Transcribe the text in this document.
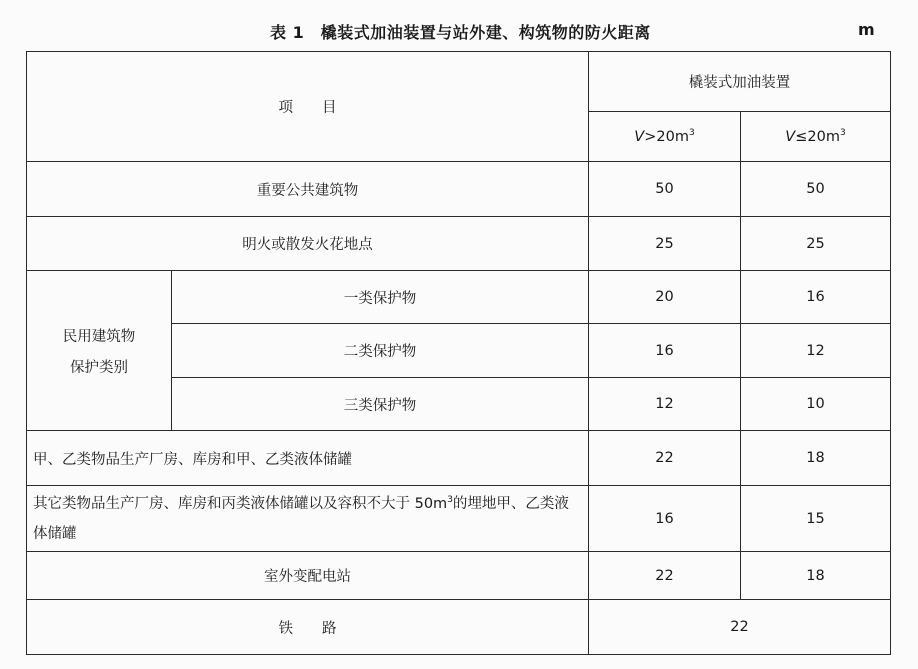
表 1　橇装式加油装置与站外建、构筑物的防火距离	m
项　　目		橇装式加油装置	
		$V>20m^3$	$V\le 20m^3$
重要公共建筑物		50	50
明火或散发火花地点		25	25

民用建筑物
保护类别	一类保护物	20	16
	二类保护物	16	12
	三类保护物	12	10
甲、乙类物品生产厂房、库房和甲、乙类液体储罐		22	18
其它类物品生产厂房、库房和丙类液体储罐以及容积不大于 $50m^3$的埋地甲、乙类液体储罐		16	15
室外变配电站		22	18
铁　　路		22	
